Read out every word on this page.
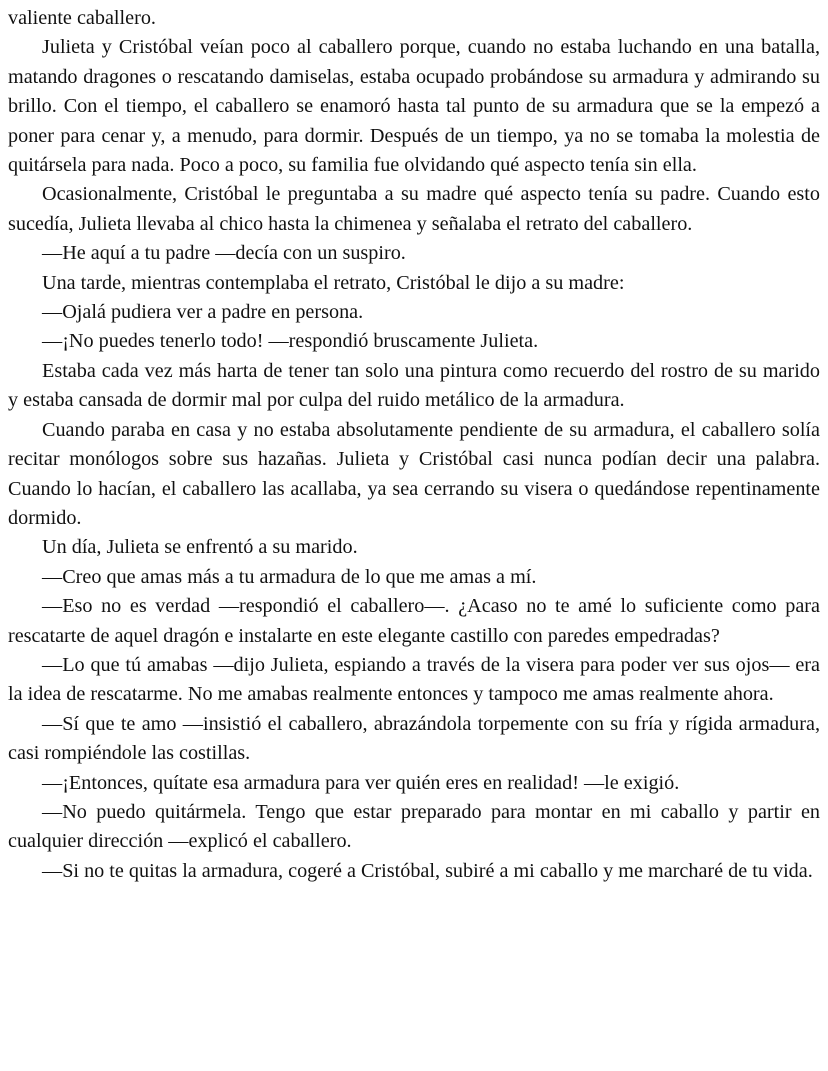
valiente caballero.

Julieta y Cristóbal veían poco al caballero porque, cuando no estaba luchando en una batalla, matando dragones o rescatando damiselas, estaba ocupado probándose su armadura y admirando su brillo. Con el tiempo, el caballero se enamoró hasta tal punto de su armadura que se la empezó a poner para cenar y, a menudo, para dormir. Después de un tiempo, ya no se tomaba la molestia de quitársela para nada. Poco a poco, su familia fue olvidando qué aspecto tenía sin ella.

Ocasionalmente, Cristóbal le preguntaba a su madre qué aspecto tenía su padre. Cuando esto sucedía, Julieta llevaba al chico hasta la chimenea y señalaba el retrato del caballero.

—He aquí a tu padre —decía con un suspiro.

Una tarde, mientras contemplaba el retrato, Cristóbal le dijo a su madre:

—Ojalá pudiera ver a padre en persona.

—¡No puedes tenerlo todo! —respondió bruscamente Julieta.

Estaba cada vez más harta de tener tan solo una pintura como recuerdo del rostro de su marido y estaba cansada de dormir mal por culpa del ruido metálico de la armadura.

Cuando paraba en casa y no estaba absolutamente pendiente de su armadura, el caballero solía recitar monólogos sobre sus hazañas. Julieta y Cristóbal casi nunca podían decir una palabra. Cuando lo hacían, el caballero las acallaba, ya sea cerrando su visera o quedándose repentinamente dormido.

Un día, Julieta se enfrentó a su marido.

—Creo que amas más a tu armadura de lo que me amas a mí.

—Eso no es verdad —respondió el caballero—. ¿Acaso no te amé lo suficiente como para rescatarte de aquel dragón e instalarte en este elegante castillo con paredes empedradas?

—Lo que tú amabas —dijo Julieta, espiando a través de la visera para poder ver sus ojos— era la idea de rescatarme. No me amabas realmente entonces y tampoco me amas realmente ahora.

—Sí que te amo —insistió el caballero, abrazándola torpemente con su fría y rígida armadura, casi rompiéndole las costillas.

—¡Entonces, quítate esa armadura para ver quién eres en realidad! —le exigió.

—No puedo quitármela. Tengo que estar preparado para montar en mi caballo y partir en cualquier dirección —explicó el caballero.

—Si no te quitas la armadura, cogeré a Cristóbal, subiré a mi caballo y me marcharé de tu vida.
